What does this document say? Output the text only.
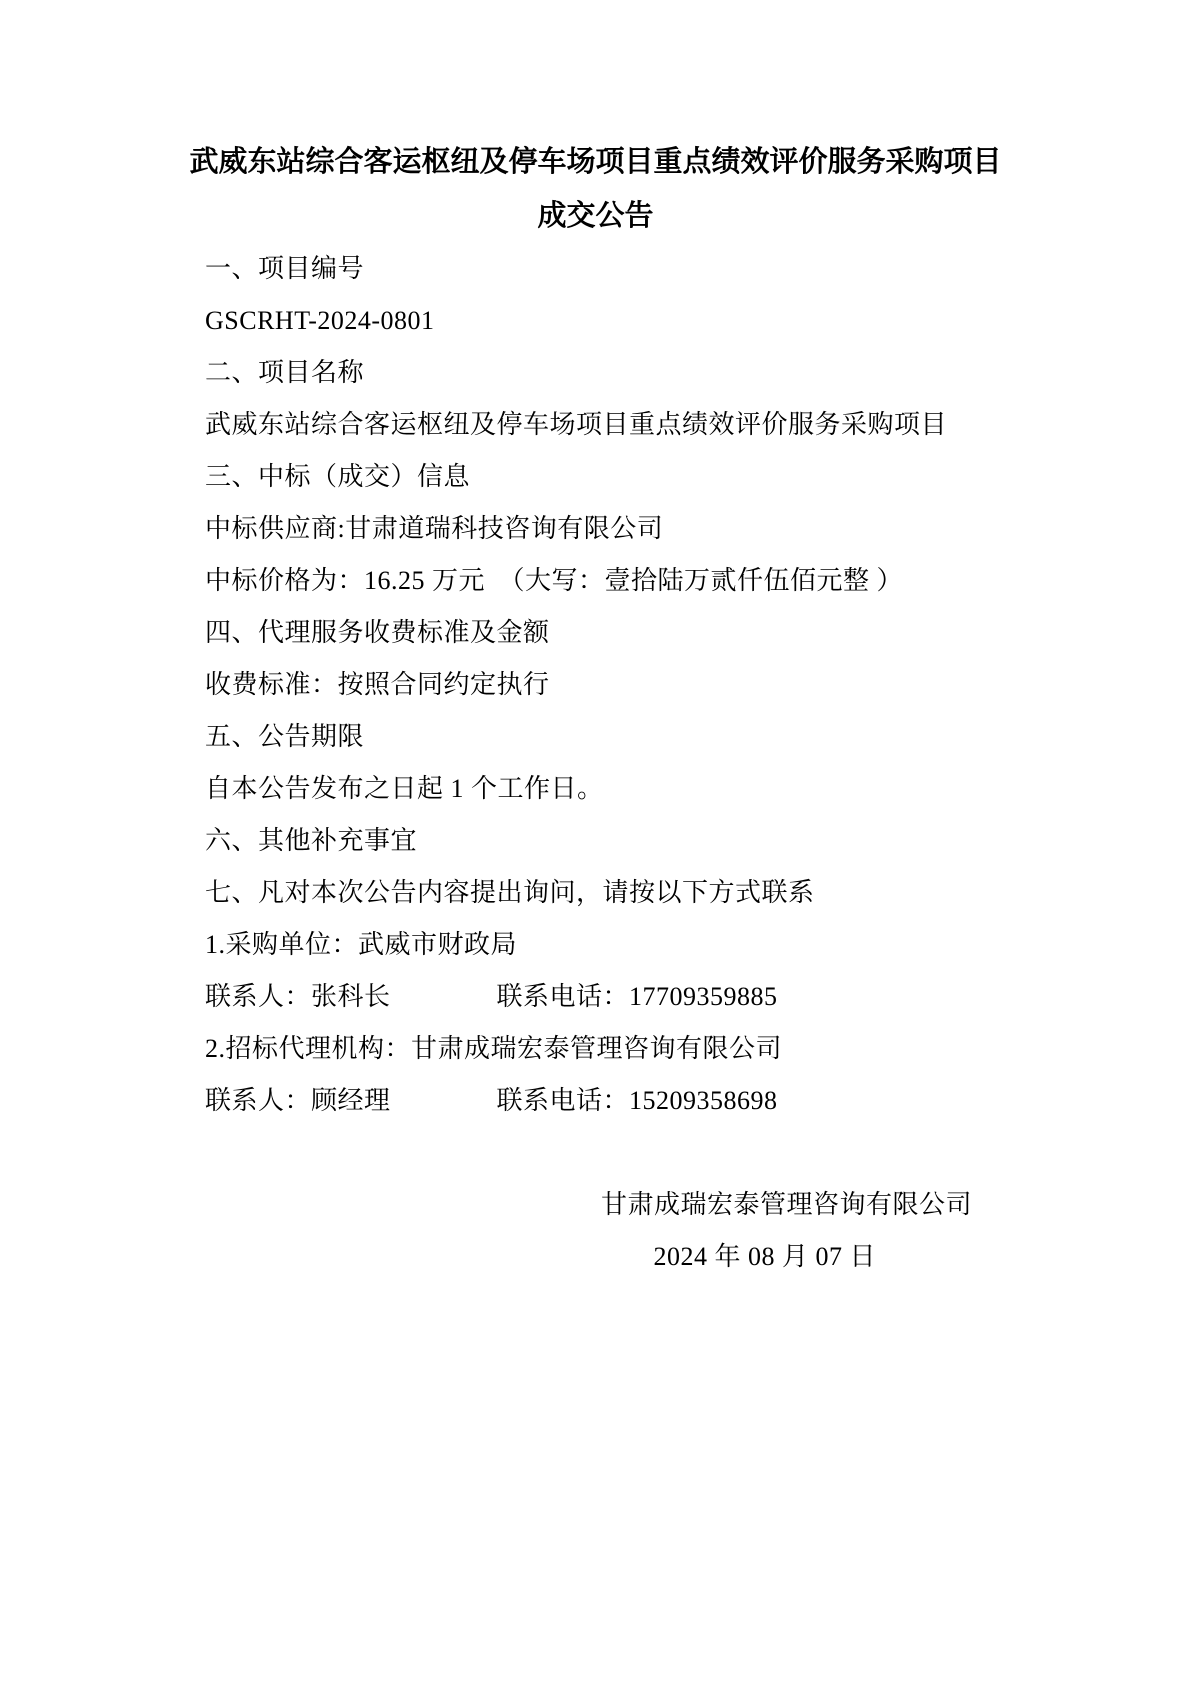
武威东站综合客运枢纽及停车场项目重点绩效评价服务采购项目
成交公告

一、项目编号

GSCRHT-2024-0801

二、项目名称

武威东站综合客运枢纽及停车场项目重点绩效评价服务采购项目

三、中标（成交）信息

中标供应商:甘肃道瑞科技咨询有限公司

中标价格为：16.25 万元　（大写：壹拾陆万贰仟伍佰元整 ）

四、代理服务收费标准及金额

收费标准：按照合同约定执行

五、公告期限

自本公告发布之日起 1 个工作日。

六、其他补充事宜

七、凡对本次公告内容提出询问，请按以下方式联系

1.采购单位：武威市财政局

联系人：张科长　　　　联系电话：17709359885

2.招标代理机构：甘肃成瑞宏泰管理咨询有限公司

联系人：顾经理　　　　联系电话：15209358698

甘肃成瑞宏泰管理咨询有限公司

2024 年 08 月 07 日
